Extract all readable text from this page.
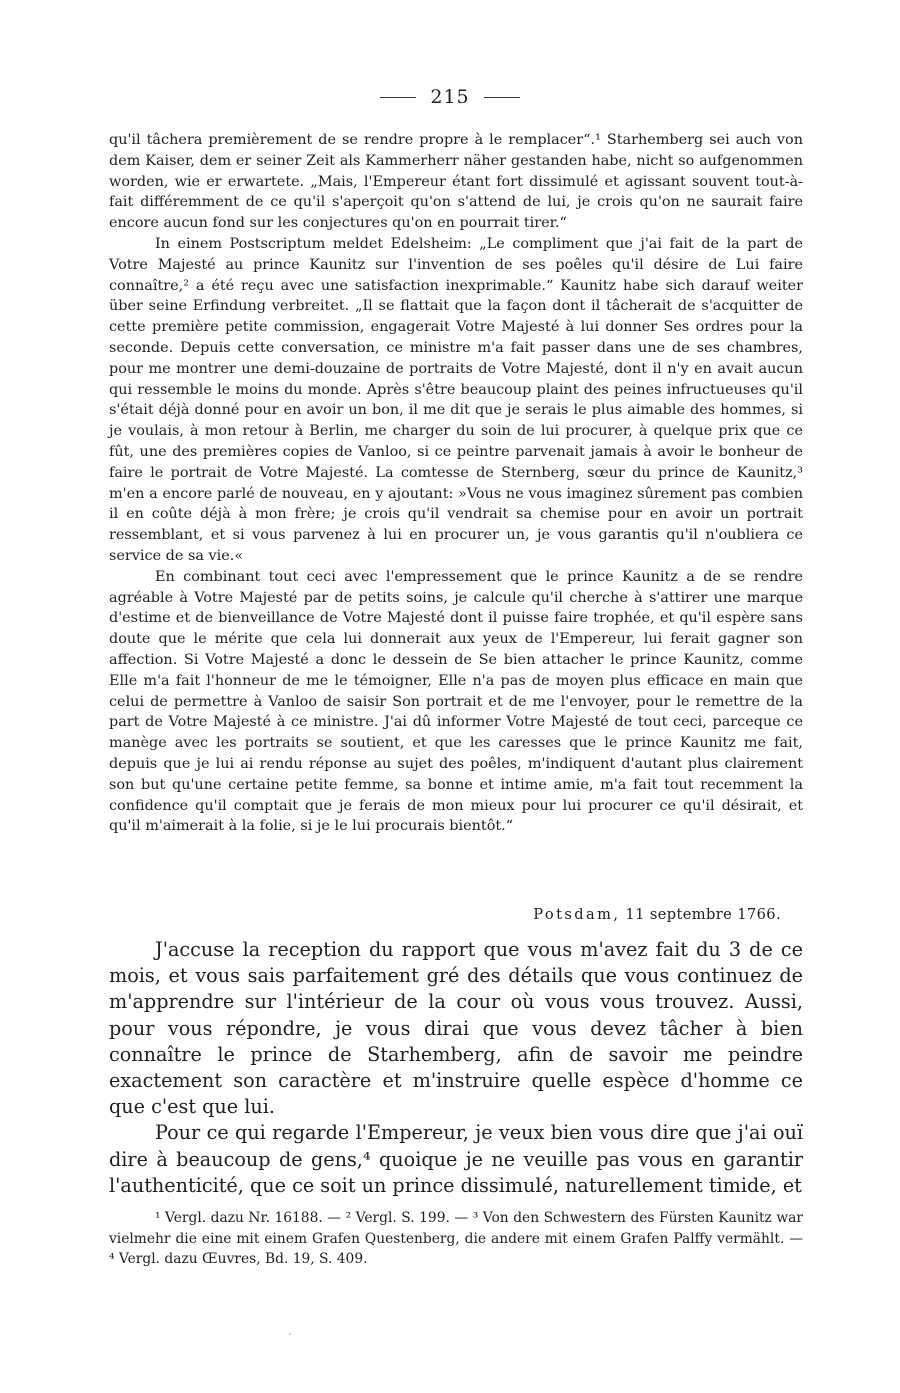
215

qu'il tâchera premièrement de se rendre propre à le remplacer“.¹ Starhemberg sei auch von dem Kaiser, dem er seiner Zeit als Kammerherr näher gestanden habe, nicht so aufgenommen worden, wie er erwartete. „Mais, l'Empereur étant fort dissimulé et agissant souvent tout-à-fait différemment de ce qu'il s'aperçoit qu'on s'attend de lui, je crois qu'on ne saurait faire encore aucun fond sur les conjectures qu'on en pourrait tirer.“

In einem Postscriptum meldet Edelsheim: „Le compliment que j'ai fait de la part de Votre Majesté au prince Kaunitz sur l'invention de ses poêles qu'il désire de Lui faire connaître,² a été reçu avec une satisfaction inexprimable.“ Kaunitz habe sich darauf weiter über seine Erfindung verbreitet. „Il se flattait que la façon dont il tâcherait de s'acquitter de cette première petite commission, engagerait Votre Majesté à lui donner Ses ordres pour la seconde. Depuis cette conversation, ce ministre m'a fait passer dans une de ses chambres, pour me montrer une demi-douzaine de portraits de Votre Majesté, dont il n'y en avait aucun qui ressemble le moins du monde. Après s'être beaucoup plaint des peines infructueuses qu'il s'était déjà donné pour en avoir un bon, il me dit que je serais le plus aimable des hommes, si je voulais, à mon retour à Berlin, me charger du soin de lui procurer, à quelque prix que ce fût, une des premières copies de Vanloo, si ce peintre parvenait jamais à avoir le bonheur de faire le portrait de Votre Majesté. La comtesse de Sternberg, sœur du prince de Kaunitz,³ m'en a encore parlé de nouveau, en y ajoutant: »Vous ne vous imaginez sûrement pas combien il en coûte déjà à mon frère; je crois qu'il vendrait sa chemise pour en avoir un portrait ressemblant, et si vous parvenez à lui en procurer un, je vous garantis qu'il n'oubliera ce service de sa vie.«

En combinant tout ceci avec l'empressement que le prince Kaunitz a de se rendre agréable à Votre Majesté par de petits soins, je calcule qu'il cherche à s'attirer une marque d'estime et de bienveillance de Votre Majesté dont il puisse faire trophée, et qu'il espère sans doute que le mérite que cela lui donnerait aux yeux de l'Empereur, lui ferait gagner son affection. Si Votre Majesté a donc le dessein de Se bien attacher le prince Kaunitz, comme Elle m'a fait l'honneur de me le témoigner, Elle n'a pas de moyen plus efficace en main que celui de permettre à Vanloo de saisir Son portrait et de me l'envoyer, pour le remettre de la part de Votre Majesté à ce ministre. J'ai dû informer Votre Majesté de tout ceci, parceque ce manège avec les portraits se soutient, et que les caresses que le prince Kaunitz me fait, depuis que je lui ai rendu réponse au sujet des poêles, m'indiquent d'autant plus clairement son but qu'une certaine petite femme, sa bonne et intime amie, m'a fait tout recemment la confidence qu'il comptait que je ferais de mon mieux pour lui procurer ce qu'il désirait, et qu'il m'aimerait à la folie, si je le lui procurais bientôt.“

Potsdam, 11 septembre 1766.

J'accuse la reception du rapport que vous m'avez fait du 3 de ce mois, et vous sais parfaitement gré des détails que vous continuez de m'apprendre sur l'intérieur de la cour où vous vous trouvez. Aussi, pour vous répondre, je vous dirai que vous devez tâcher à bien connaître le prince de Starhemberg, afin de savoir me peindre exactement son caractère et m'instruire quelle espèce d'homme ce que c'est que lui.

Pour ce qui regarde l'Empereur, je veux bien vous dire que j'ai ouï dire à beaucoup de gens,⁴ quoique je ne veuille pas vous en garantir l'authenticité, que ce soit un prince dissimulé, naturellement timide, et

¹ Vergl. dazu Nr. 16188. — ² Vergl. S. 199. — ³ Von den Schwestern des Fürsten Kaunitz war vielmehr die eine mit einem Grafen Questenberg, die andere mit einem Grafen Palffy vermählt. — ⁴ Vergl. dazu Œuvres, Bd. 19, S. 409.
